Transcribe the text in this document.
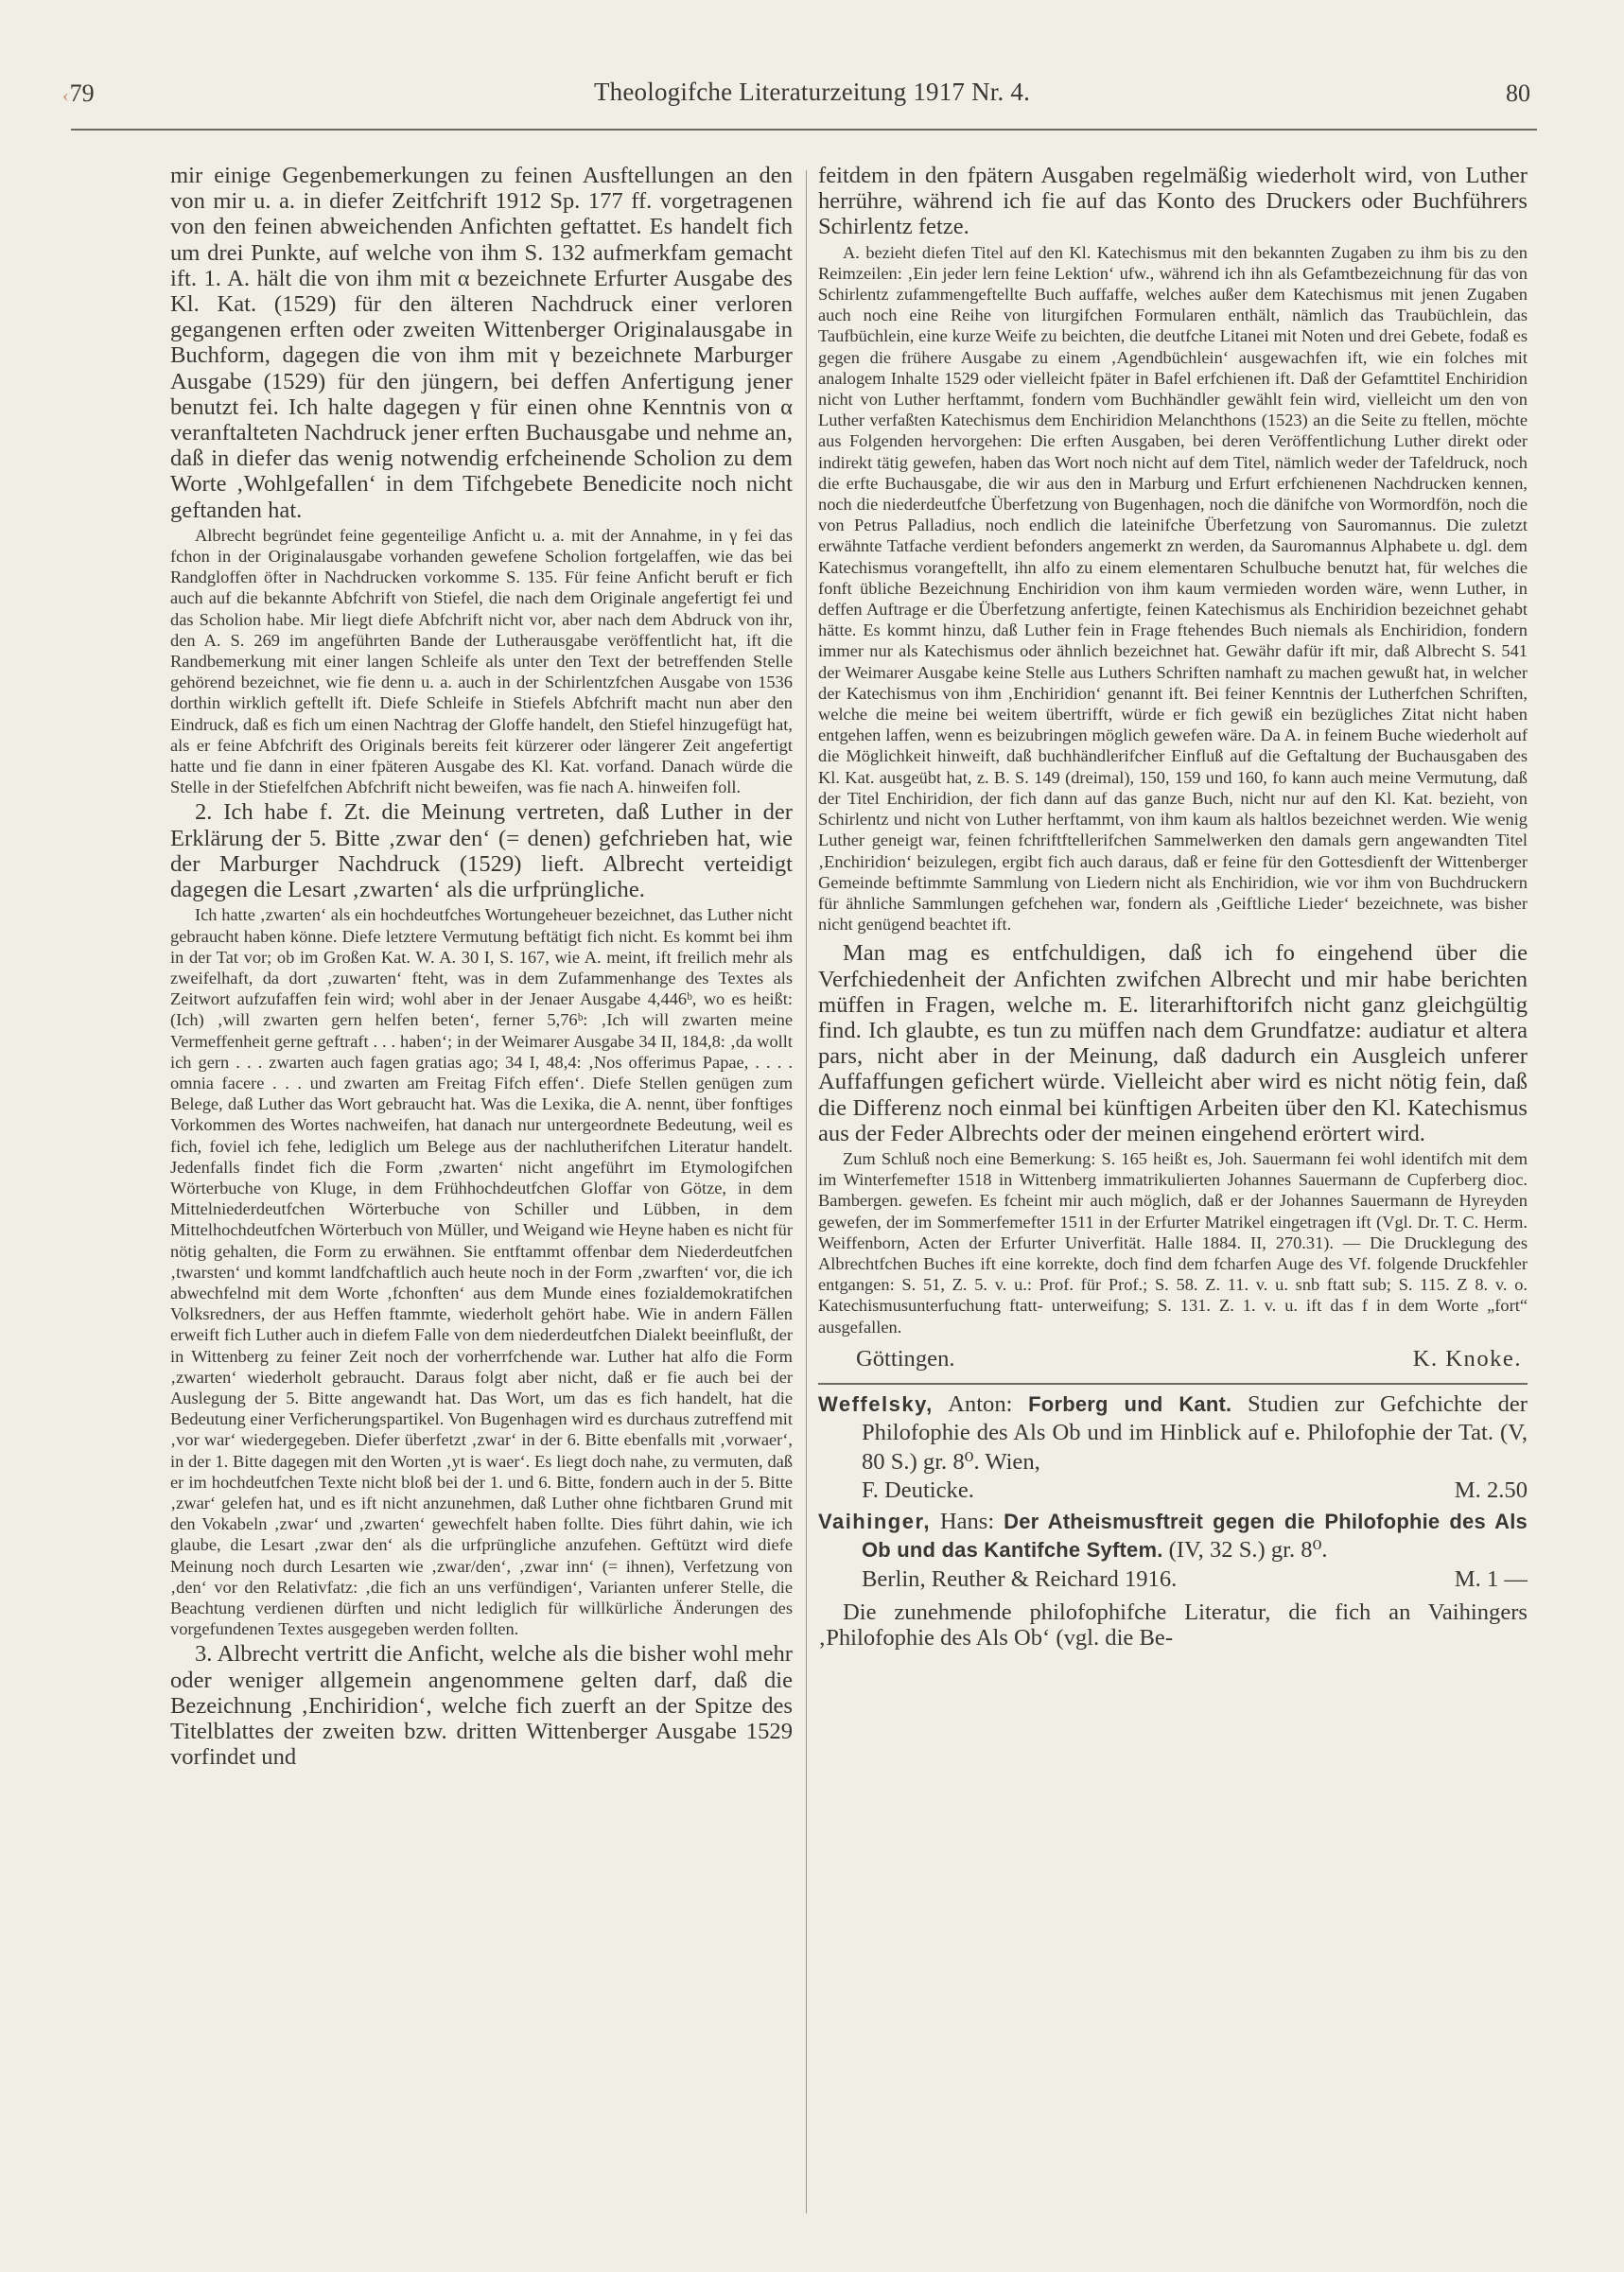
‹79	Theologifche Literaturzeitung 1917 Nr. 4.	80

mir einige Gegenbemerkungen zu feinen Ausftellungen an den von mir u. a. in diefer Zeitfchrift 1912 Sp. 177 ff. vorgetragenen von den feinen abweichenden Anfichten geftattet. Es handelt fich um drei Punkte, auf welche von ihm S. 132 aufmerkfam gemacht ift. 1. A. hält die von ihm mit α bezeichnete Erfurter Ausgabe des Kl. Kat. (1529) für den älteren Nachdruck einer verloren gegangenen erften oder zweiten Wittenberger Originalausgabe in Buchform, dagegen die von ihm mit γ bezeichnete Marburger Ausgabe (1529) für den jüngern, bei deffen Anfertigung jener benutzt fei. Ich halte dagegen γ für einen ohne Kenntnis von α veranftalteten Nachdruck jener erften Buchausgabe und nehme an, daß in diefer das wenig notwendig erfcheinende Scholion zu dem Worte ‚Wohlgefallen‘ in dem Tifchgebete Benedicite noch nicht geftanden hat.

Albrecht begründet feine gegenteilige Anficht u. a. mit der Annahme, in γ fei das fchon in der Originalausgabe vorhanden gewefene Scholion fortgelaffen, wie das bei Randgloffen öfter in Nachdrucken vorkomme S. 135. Für feine Anficht beruft er fich auch auf die bekannte Abfchrift von Stiefel, die nach dem Originale angefertigt fei und das Scholion habe. Mir liegt diefe Abfchrift nicht vor, aber nach dem Abdruck von ihr, den A. S. 269 im angeführten Bande der Lutherausgabe veröffentlicht hat, ift die Randbemerkung mit einer langen Schleife als unter den Text der betreffenden Stelle gehörend bezeichnet, wie fie denn u. a. auch in der Schirlentzfchen Ausgabe von 1536 dorthin wirklich geftellt ift. Diefe Schleife in Stiefels Abfchrift macht nun aber den Eindruck, daß es fich um einen Nachtrag der Gloffe handelt, den Stiefel hinzugefügt hat, als er feine Abfchrift des Originals bereits feit kürzerer oder längerer Zeit angefertigt hatte und fie dann in einer fpäteren Ausgabe des Kl. Kat. vorfand. Danach würde die Stelle in der Stiefelfchen Abfchrift nicht beweifen, was fie nach A. hinweifen foll.

2. Ich habe f. Zt. die Meinung vertreten, daß Luther in der Erklärung der 5. Bitte ‚zwar den‘ (= denen) gefchrieben hat, wie der Marburger Nachdruck (1529) lieft. Albrecht verteidigt dagegen die Lesart ‚zwarten‘ als die urfprüngliche.

Ich hatte ‚zwarten‘ als ein hochdeutfches Wortungeheuer bezeichnet, das Luther nicht gebraucht haben könne. Diefe letztere Vermutung beftätigt fich nicht. Es kommt bei ihm in der Tat vor; ob im Großen Kat. W. A. 30 I, S. 167, wie A. meint, ift freilich mehr als zweifelhaft, da dort ‚zuwarten‘ fteht, was in dem Zufammenhange des Textes als Zeitwort aufzufaffen fein wird; wohl aber in der Jenaer Ausgabe 4,446ᵇ, wo es heißt: (Ich) ‚will zwarten gern helfen beten‘, ferner 5,76ᵇ: ‚Ich will zwarten meine Vermeffenheit gerne geftraft . . . haben‘; in der Weimarer Ausgabe 34 II, 184,8: ‚da wollt ich gern . . . zwarten auch fagen gratias ago; 34 I, 48,4: ‚Nos offerimus Papae, . . . . omnia facere . . . und zwarten am Freitag Fifch effen‘. Diefe Stellen genügen zum Belege, daß Luther das Wort gebraucht hat. Was die Lexika, die A. nennt, über fonftiges Vorkommen des Wortes nachweifen, hat danach nur untergeordnete Bedeutung, weil es fich, foviel ich fehe, lediglich um Belege aus der nachlutherifchen Literatur handelt. Jedenfalls findet fich die Form ‚zwarten‘ nicht angeführt im Etymologifchen Wörterbuche von Kluge, in dem Frühhochdeutfchen Gloffar von Götze, in dem Mittelniederdeutfchen Wörterbuche von Schiller und Lübben, in dem Mittelhochdeutfchen Wörterbuch von Müller, und Weigand wie Heyne haben es nicht für nötig gehalten, die Form zu erwähnen. Sie entftammt offenbar dem Niederdeutfchen ‚twarsten‘ und kommt landfchaftlich auch heute noch in der Form ‚zwarften‘ vor, die ich abwechfelnd mit dem Worte ‚fchonften‘ aus dem Munde eines fozialdemokratifchen Volksredners, der aus Heffen ftammte, wiederholt gehört habe. Wie in andern Fällen erweift fich Luther auch in diefem Falle von dem niederdeutfchen Dialekt beeinflußt, der in Wittenberg zu feiner Zeit noch der vorherrfchende war. Luther hat alfo die Form ‚zwarten‘ wiederholt gebraucht. Daraus folgt aber nicht, daß er fie auch bei der Auslegung der 5. Bitte angewandt hat. Das Wort, um das es fich handelt, hat die Bedeutung einer Verficherungspartikel. Von Bugenhagen wird es durchaus zutreffend mit ‚vor war‘ wiedergegeben. Diefer überfetzt ‚zwar‘ in der 6. Bitte ebenfalls mit ‚vorwaer‘, in der 1. Bitte dagegen mit den Worten ‚yt is waer‘. Es liegt doch nahe, zu vermuten, daß er im hochdeutfchen Texte nicht bloß bei der 1. und 6. Bitte, fondern auch in der 5. Bitte ‚zwar‘ gelefen hat, und es ift nicht anzunehmen, daß Luther ohne fichtbaren Grund mit den Vokabeln ‚zwar‘ und ‚zwarten‘ gewechfelt haben follte. Dies führt dahin, wie ich glaube, die Lesart ‚zwar den‘ als die urfprüngliche anzufehen. Geftützt wird diefe Meinung noch durch Lesarten wie ‚zwar/den‘, ‚zwar inn‘ (= ihnen), Verfetzung von ‚den‘ vor den Relativfatz: ‚die fich an uns verfündigen‘, Varianten unferer Stelle, die Beachtung verdienen dürften und nicht lediglich für willkürliche Änderungen des vorgefundenen Textes ausgegeben werden follten.

3. Albrecht vertritt die Anficht, welche als die bisher wohl mehr oder weniger allgemein angenommene gelten darf, daß die Bezeichnung ‚Enchiridion‘, welche fich zuerft an der Spitze des Titelblattes der zweiten bzw. dritten Wittenberger Ausgabe 1529 vorfindet und

feitdem in den fpätern Ausgaben regelmäßig wiederholt wird, von Luther herrühre, während ich fie auf das Konto des Druckers oder Buchführers Schirlentz fetze.

A. bezieht diefen Titel auf den Kl. Katechismus mit den bekannten Zugaben zu ihm bis zu den Reimzeilen: ‚Ein jeder lern feine Lektion‘ ufw., während ich ihn als Gefamtbezeichnung für das von Schirlentz zufammengeftellte Buch auffaffe, welches außer dem Katechismus mit jenen Zugaben auch noch eine Reihe von liturgifchen Formularen enthält, nämlich das Traubüchlein, das Taufbüchlein, eine kurze Weife zu beichten, die deutfche Litanei mit Noten und drei Gebete, fodaß es gegen die frühere Ausgabe zu einem ‚Agendbüchlein‘ ausgewachfen ift, wie ein folches mit analogem Inhalte 1529 oder vielleicht fpäter in Bafel erfchienen ift. Daß der Gefamttitel Enchiridion nicht von Luther herftammt, fondern vom Buchhändler gewählt fein wird, vielleicht um den von Luther verfaßten Katechismus dem Enchiridion Melanchthons (1523) an die Seite zu ftellen, möchte aus Folgenden hervorgehen: Die erften Ausgaben, bei deren Veröffentlichung Luther direkt oder indirekt tätig gewefen, haben das Wort noch nicht auf dem Titel, nämlich weder der Tafeldruck, noch die erfte Buchausgabe, die wir aus den in Marburg und Erfurt erfchienenen Nachdrucken kennen, noch die niederdeutfche Überfetzung von Bugenhagen, noch die dänifche von Wormordfön, noch die von Petrus Palladius, noch endlich die lateinifche Überfetzung von Sauromannus. Die zuletzt erwähnte Tatfache verdient befonders angemerkt zn werden, da Sauromannus Alphabete u. dgl. dem Katechismus vorangeftellt, ihn alfo zu einem elementaren Schulbuche benutzt hat, für welches die fonft übliche Bezeichnung Enchiridion von ihm kaum vermieden worden wäre, wenn Luther, in deffen Auftrage er die Überfetzung anfertigte, feinen Katechismus als Enchiridion bezeichnet gehabt hätte. Es kommt hinzu, daß Luther fein in Frage ftehendes Buch niemals als Enchiridion, fondern immer nur als Katechismus oder ähnlich bezeichnet hat. Gewähr dafür ift mir, daß Albrecht S. 541 der Weimarer Ausgabe keine Stelle aus Luthers Schriften namhaft zu machen gewußt hat, in welcher der Katechismus von ihm ‚Enchiridion‘ genannt ift. Bei feiner Kenntnis der Lutherfchen Schriften, welche die meine bei weitem übertrifft, würde er fich gewiß ein bezügliches Zitat nicht haben entgehen laffen, wenn es beizubringen möglich gewefen wäre. Da A. in feinem Buche wiederholt auf die Möglichkeit hinweift, daß buchhändlerifcher Einfluß auf die Geftaltung der Buchausgaben des Kl. Kat. ausgeübt hat, z. B. S. 149 (dreimal), 150, 159 und 160, fo kann auch meine Vermutung, daß der Titel Enchiridion, der fich dann auf das ganze Buch, nicht nur auf den Kl. Kat. bezieht, von Schirlentz und nicht von Luther herftammt, von ihm kaum als haltlos bezeichnet werden. Wie wenig Luther geneigt war, feinen fchriftftellerifchen Sammelwerken den damals gern angewandten Titel ‚Enchiridion‘ beizulegen, ergibt fich auch daraus, daß er feine für den Gottesdienft der Wittenberger Gemeinde beftimmte Sammlung von Liedern nicht als Enchiridion, wie vor ihm von Buchdruckern für ähnliche Sammlungen gefchehen war, fondern als ‚Geiftliche Lieder‘ bezeichnete, was bisher nicht genügend beachtet ift.

Man mag es entfchuldigen, daß ich fo eingehend über die Verfchiedenheit der Anfichten zwifchen Albrecht und mir habe berichten müffen in Fragen, welche m. E. literarhiftorifch nicht ganz gleichgültig find. Ich glaubte, es tun zu müffen nach dem Grundfatze: audiatur et altera pars, nicht aber in der Meinung, daß dadurch ein Ausgleich unferer Auffaffungen gefichert würde. Vielleicht aber wird es nicht nötig fein, daß die Differenz noch einmal bei künftigen Arbeiten über den Kl. Katechismus aus der Feder Albrechts oder der meinen eingehend erörtert wird.

Zum Schluß noch eine Bemerkung: S. 165 heißt es, Joh. Sauermann fei wohl identifch mit dem im Winterfemefter 1518 in Wittenberg immatrikulierten Johannes Sauermann de Cupferberg dioc. Bambergen. gewefen. Es fcheint mir auch möglich, daß er der Johannes Sauermann de Hyreyden gewefen, der im Sommerfemefter 1511 in der Erfurter Matrikel eingetragen ift (Vgl. Dr. T. C. Herm. Weiffenborn, Acten der Erfurter Univerfität. Halle 1884. II, 270.31). — Die Drucklegung des Albrechtfchen Buches ift eine korrekte, doch find dem fcharfen Auge des Vf. folgende Druckfehler entgangen: S. 51, Z. 5. v. u.: Prof. für Prof.; S. 58. Z. 11. v. u. snb ftatt sub; S. 115. Z 8. v. o. Katechismusunterfuchung ftatt- unterweifung; S. 131. Z. 1. v. u. ift das f in dem Worte „fort“ ausgefallen.

Göttingen.	K. Knoke.

Weffelsky, Anton: Forberg und Kant. Studien zur Gefchichte der Philofophie des Als Ob und im Hinblick auf e. Philofophie der Tat. (V, 80 S.) gr. 8⁰. Wien,

F. Deuticke.	M. 2.50

Vaihinger, Hans: Der Atheismusftreit gegen die Philofophie des Als Ob und das Kantifche Syftem. (IV, 32 S.) gr. 8⁰.

Berlin, Reuther & Reichard 1916.	M. 1 —

Die zunehmende philofophifche Literatur, die fich an Vaihingers ‚Philofophie des Als Ob‘ (vgl. die Be-
